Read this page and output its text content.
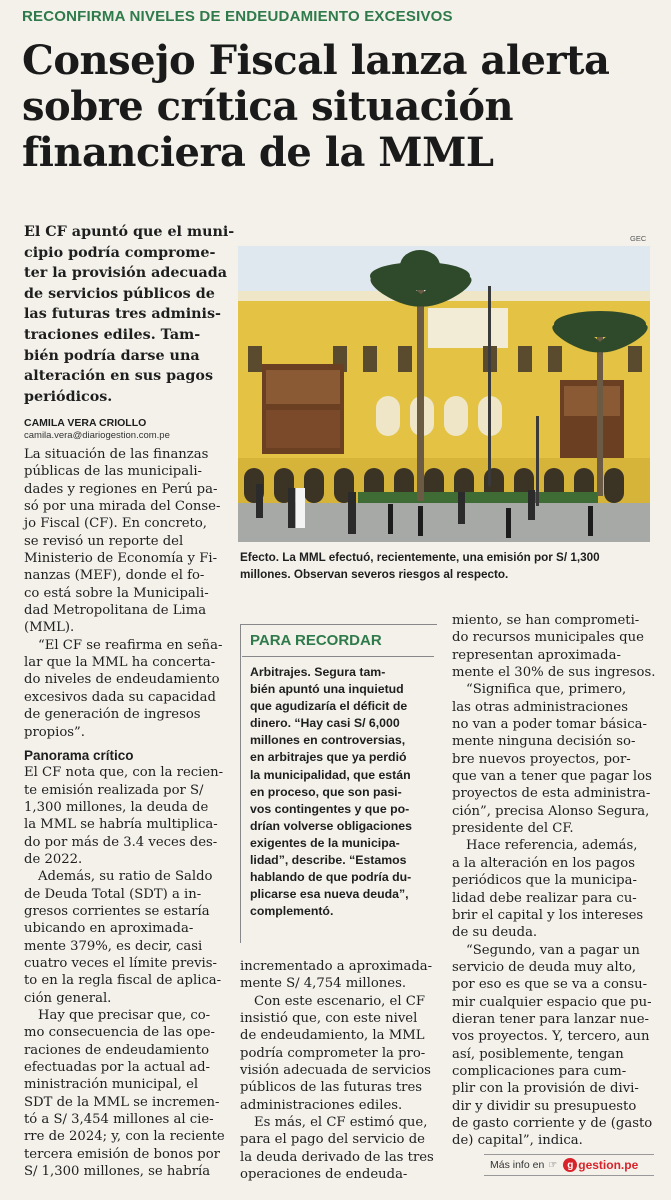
RECONFIRMA NIVELES DE ENDEUDAMIENTO EXCESIVOS
Consejo Fiscal lanza alerta
sobre crítica situación
financiera de la MML
El CF apuntó que el muni-
cipio podría comprome-
ter la provisión adecuada
de servicios públicos de
las futuras tres adminis-
traciones ediles. Tam-
bién podría darse una
alteración en sus pagos
periódicos.
GEC
Efecto. La MML efectuó, recientemente, una emisión por S/ 1,300
millones. Observan severos riesgos al respecto.
CAMILA VERA CRIOLLO
camila.vera@diariogestion.com.pe
La situación de las finanzas
públicas de las municipali-
dades y regiones en Perú pa-
só por una mirada del Conse-
jo Fiscal (CF). En concreto,
se revisó un reporte del
Ministerio de Economía y Fi-
nanzas (MEF), donde el fo-
co está sobre la Municipali-
dad Metropolitana de Lima
(MML).
“El CF se reafirma en seña-
lar que la MML ha concerta-
do niveles de endeudamiento
excesivos dada su capacidad
de generación de ingresos
propios”.
Panorama crítico
El CF nota que, con la recien-
te emisión realizada por S/
1,300 millones, la deuda de
la MML se habría multiplica-
do por más de 3.4 veces des-
de 2022.
Además, su ratio de Saldo
de Deuda Total (SDT) a in-
gresos corrientes se estaría
ubicando en aproximada-
mente 379%, es decir, casi
cuatro veces el límite previs-
to en la regla fiscal de aplica-
ción general.
Hay que precisar que, co-
mo consecuencia de las ope-
raciones de endeudamiento
efectuadas por la actual ad-
ministración municipal, el
SDT de la MML se incremen-
tó a S/ 3,454 millones al cie-
rre de 2024; y, con la reciente
tercera emisión de bonos por
S/ 1,300 millones, se habría
PARA RECORDAR
Arbitrajes. Segura tam-
bién apuntó una inquietud
que agudizaría el déficit de
dinero. “Hay casi S/ 6,000
millones en controversias,
en arbitrajes que ya perdió
la municipalidad, que están
en proceso, que son pasi-
vos contingentes y que po-
drían volverse obligaciones
exigentes de la municipa-
lidad”, describe. “Estamos
hablando de que podría du-
plicarse esa nueva deuda”,
complementó.
incrementado a aproximada-
mente S/ 4,754 millones.
Con este escenario, el CF
insistió que, con este nivel
de endeudamiento, la MML
podría comprometer la pro-
visión adecuada de servicios
públicos de las futuras tres
administraciones ediles.
Es más, el CF estimó que,
para el pago del servicio de
la deuda derivado de las tres
operaciones de endeuda-
miento, se han comprometi-
do recursos municipales que
representan aproximada-
mente el 30% de sus ingresos.
“Significa que, primero,
las otras administraciones
no van a poder tomar básica-
mente ninguna decisión so-
bre nuevos proyectos, por-
que van a tener que pagar los
proyectos de esta administra-
ción”, precisa Alonso Segura,
presidente del CF.
Hace referencia, además,
a la alteración en los pagos
periódicos que la municipa-
lidad debe realizar para cu-
brir el capital y los intereses
de su deuda.
“Segundo, van a pagar un
servicio de deuda muy alto,
por eso es que se va a consu-
mir cualquier espacio que pu-
dieran tener para lanzar nue-
vos proyectos. Y, tercero, aun
así, posiblemente, tengan
complicaciones para cum-
plir con la provisión de divi-
dir y dividir su presupuesto
de gasto corriente y de (gasto
de) capital”, indica.
Más info en ☞ g gestion.pe
